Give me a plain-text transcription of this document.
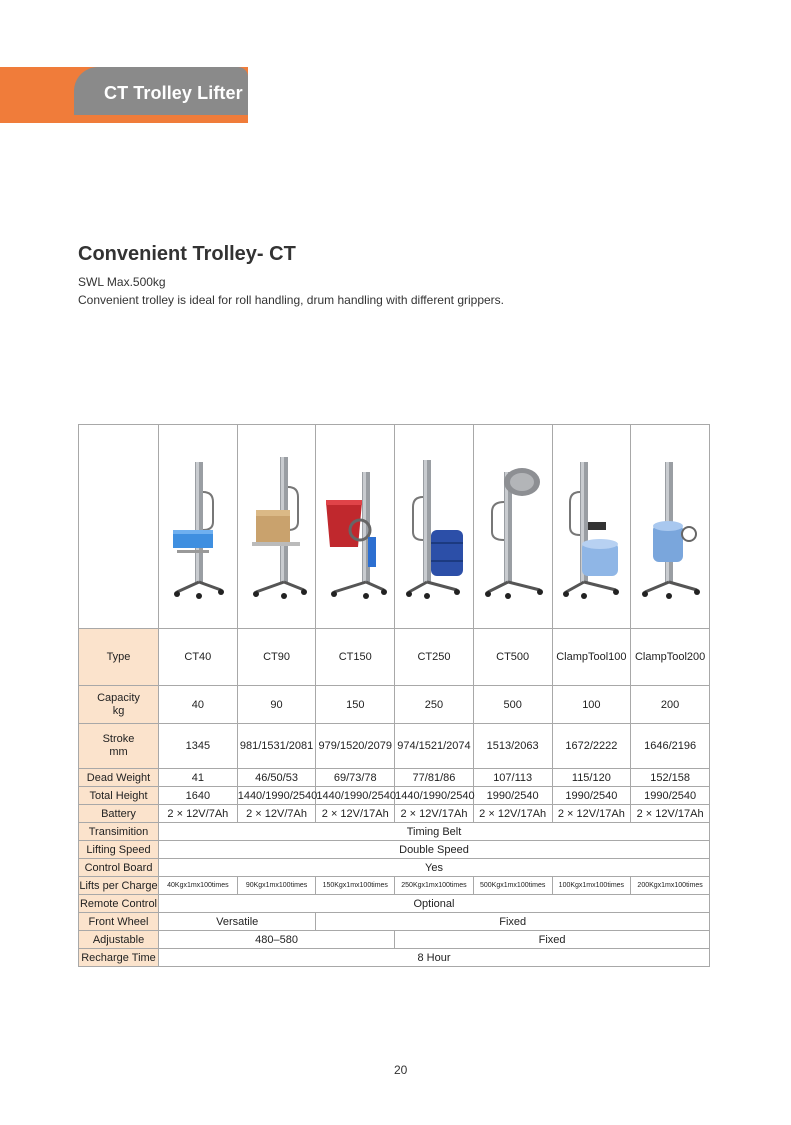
CT Trolley Lifter
Convenient Trolley- CT
SWL Max.500kg
Convenient trolley is ideal for roll handling, drum handling with different grippers.

Type	CT40	CT90	CT150	CT250	CT500	ClampTool100	ClampTool200

Capacity
kg	40	90	150	250	500	100	200

Stroke
mm	1345	981/1531/2081	979/1520/2079	974/1521/2074	1513/2063	1672/2222	1646/2196
Dead Weight	41	46/50/53	69/73/78	77/81/86	107/113	115/120	152/158
Total Height	1640	1440/1990/2540	1440/1990/2540	1440/1990/2540	1990/2540	1990/2540	1990/2540
Battery	2 × 12V/7Ah	2 × 12V/7Ah	2 × 12V/17Ah	2 × 12V/17Ah	2 × 12V/17Ah	2 × 12V/17Ah	2 × 12V/17Ah
Transimition	Timing Belt						
Lifting Speed	Double Speed						
Control Board	Yes						
Lifts per Charge	40Kgx1mx100times	90Kgx1mx100times	150Kgx1mx100times	250Kgx1mx100times	500Kgx1mx100times	100Kgx1mx100times	200Kgx1mx100times
Remote Control	Optional						
Front Wheel	Versatile		Fixed				
Adjustable	480–580			Fixed			
Recharge Time	8 Hour						
20
